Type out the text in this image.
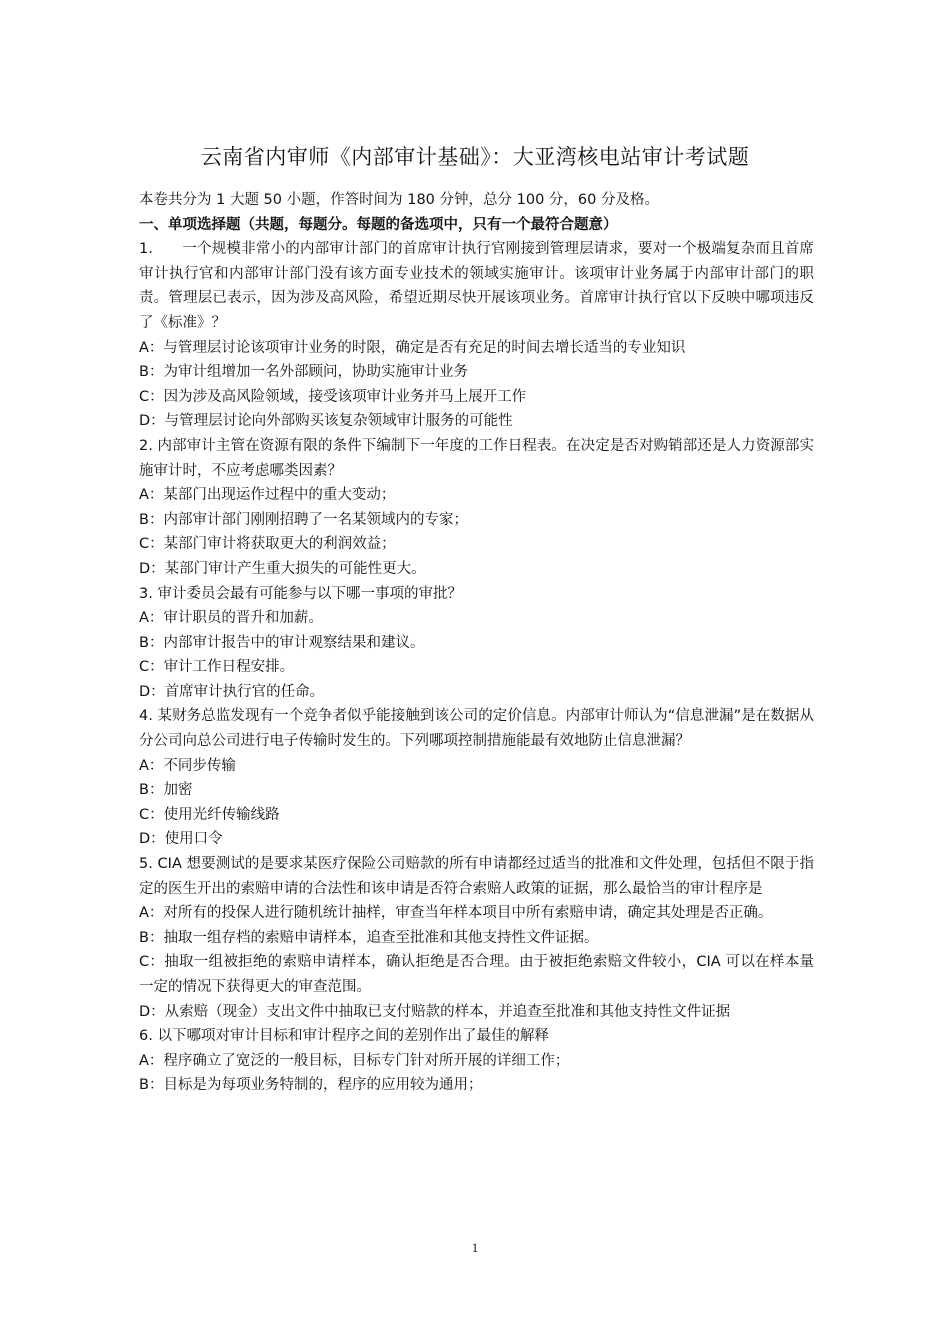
云南省内审师《内部审计基础》：大亚湾核电站审计考试题

本卷共分为 1 大题 50 小题，作答时间为 180 分钟，总分 100 分，60 分及格。

一、单项选择题（共题，每题分。每题的备选项中，只有一个最符合题意）

1.　　一个规模非常小的内部审计部门的首席审计执行官刚接到管理层请求，要对一个极端复杂而且首席审计执行官和内部审计部门没有该方面专业技术的领域实施审计。该项审计业务属于内部审计部门的职责。管理层已表示，因为涉及高风险，希望近期尽快开展该项业务。首席审计执行官以下反映中哪项违反了《标准》？

A：与管理层讨论该项审计业务的时限，确定是否有充足的时间去增长适当的专业知识

B：为审计组增加一名外部顾问，协助实施审计业务

C：因为涉及高风险领域，接受该项审计业务并马上展开工作

D：与管理层讨论向外部购买该复杂领域审计服务的可能性

2. 内部审计主管在资源有限的条件下编制下一年度的工作日程表。在决定是否对购销部还是人力资源部实施审计时，不应考虑哪类因素？

A：某部门出现运作过程中的重大变动；

B：内部审计部门刚刚招聘了一名某领域内的专家；

C：某部门审计将获取更大的利润效益；

D：某部门审计产生重大损失的可能性更大。

3. 审计委员会最有可能参与以下哪一事项的审批？

A：审计职员的晋升和加薪。

B：内部审计报告中的审计观察结果和建议。

C：审计工作日程安排。

D：首席审计执行官的任命。

4. 某财务总监发现有一个竞争者似乎能接触到该公司的定价信息。内部审计师认为“信息泄漏”是在数据从分公司向总公司进行电子传输时发生的。下列哪项控制措施能最有效地防止信息泄漏？

A：不同步传输

B：加密

C：使用光纤传输线路

D：使用口令

5. CIA 想要测试的是要求某医疗保险公司赔款的所有申请都经过适当的批准和文件处理，包括但不限于指定的医生开出的索赔申请的合法性和该申请是否符合索赔人政策的证据，那么最恰当的审计程序是

A：对所有的投保人进行随机统计抽样，审查当年样本项目中所有索赔申请，确定其处理是否正确。

B：抽取一组存档的索赔申请样本，追查至批准和其他支持性文件证据。

C：抽取一组被拒绝的索赔申请样本，确认拒绝是否合理。由于被拒绝索赔文件较小，CIA 可以在样本量一定的情况下获得更大的审查范围。

D：从索赔（现金）支出文件中抽取已支付赔款的样本，并追查至批准和其他支持性文件证据

6. 以下哪项对审计目标和审计程序之间的差别作出了最佳的解释

A：程序确立了宽泛的一般目标，目标专门针对所开展的详细工作；

B：目标是为每项业务特制的，程序的应用较为通用；

1
